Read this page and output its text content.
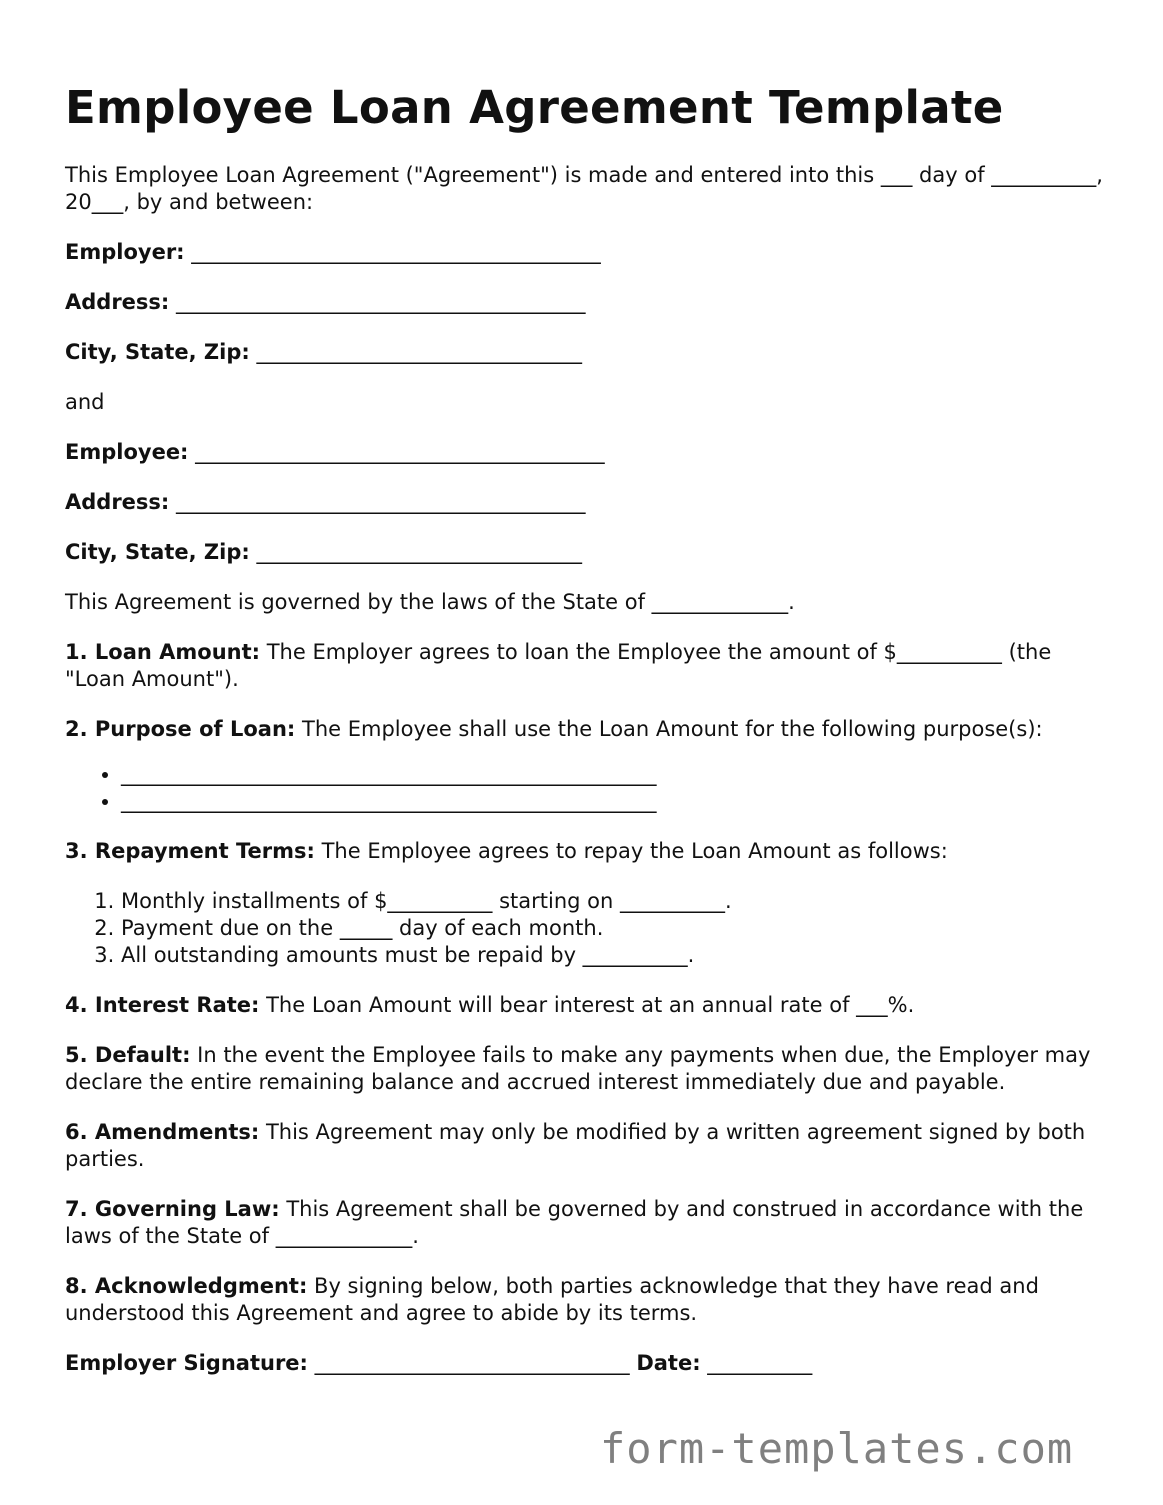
Employee Loan Agreement Template

This Employee Loan Agreement ("Agreement") is made and entered into this ___ day of __________, 20___, by and between:

Employer: _______________________________________

Address: _______________________________________

City, State, Zip: _______________________________

and

Employee: _______________________________________

Address: _______________________________________

City, State, Zip: _______________________________

This Agreement is governed by the laws of the State of _____________.

1. Loan Amount: The Employer agrees to loan the Employee the amount of $__________ (the "Loan Amount").

2. Purpose of Loan: The Employee shall use the Loan Amount for the following purpose(s):

• ___________________________________________________
• ___________________________________________________

3. Repayment Terms: The Employee agrees to repay the Loan Amount as follows:

1. Monthly installments of $__________ starting on __________.
2. Payment due on the _____ day of each month.
3. All outstanding amounts must be repaid by __________.

4. Interest Rate: The Loan Amount will bear interest at an annual rate of ___%.

5. Default: In the event the Employee fails to make any payments when due, the Employer may declare the entire remaining balance and accrued interest immediately due and payable.

6. Amendments: This Agreement may only be modified by a written agreement signed by both parties.

7. Governing Law: This Agreement shall be governed by and construed in accordance with the laws of the State of _____________.

8. Acknowledgment: By signing below, both parties acknowledge that they have read and understood this Agreement and agree to abide by its terms.

Employer Signature: ______________________________ Date: __________

form-templates.com
